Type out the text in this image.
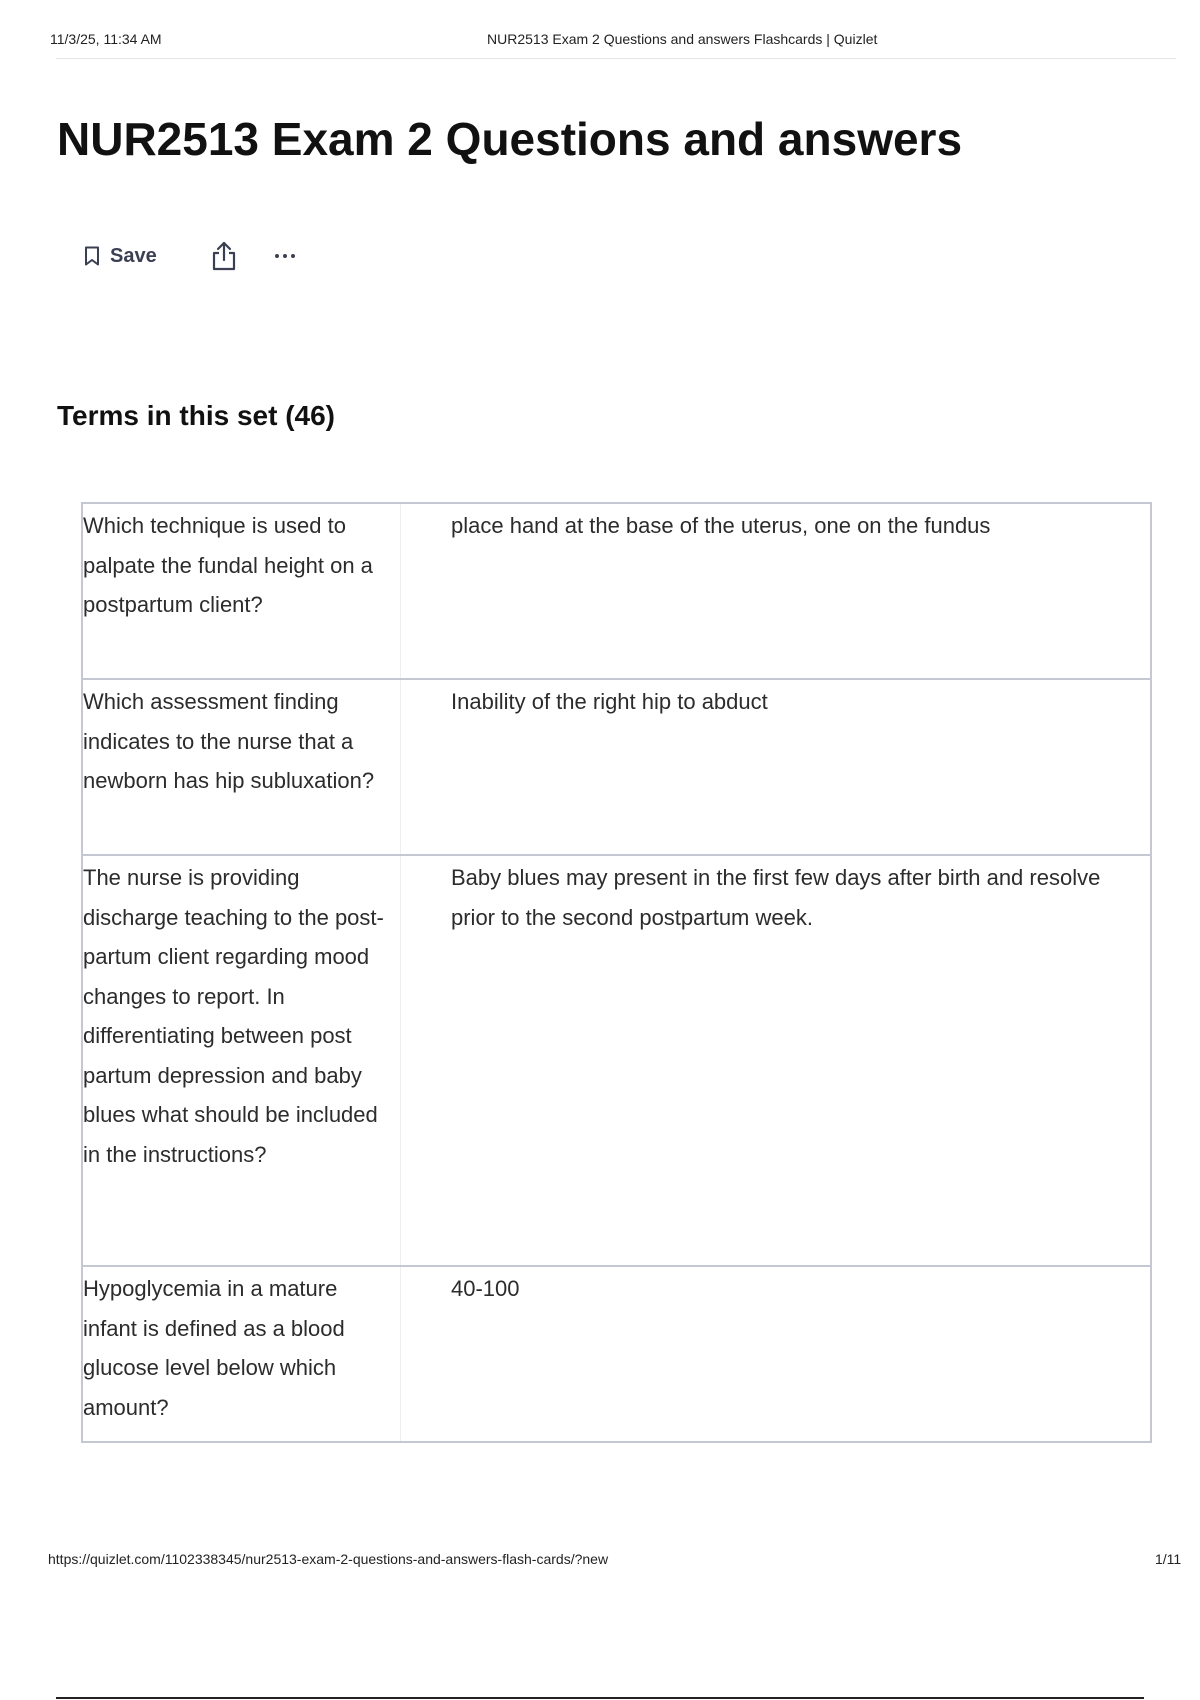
11/3/25, 11:34 AM	NUR2513 Exam 2 Questions and answers Flashcards | Quizlet
NUR2513 Exam 2 Questions and answers
Save
Terms in this set (46)
Which technique is used to palpate the fundal height on a postpartum client?
place hand at the base of the uterus, one on the fundus
Which assessment finding indicates to the nurse that a newborn has hip subluxation?
Inability of the right hip to abduct
The nurse is providing discharge teaching to the post-partum client regarding mood changes to report. In differentiating between post partum depression and baby blues what should be included in the instructions?
Baby blues may present in the first few days after birth and resolve prior to the second postpartum week.
Hypoglycemia in a mature infant is defined as a blood glucose level below which amount?
40-100
https://quizlet.com/1102338345/nur2513-exam-2-questions-and-answers-flash-cards/?new	1/11
